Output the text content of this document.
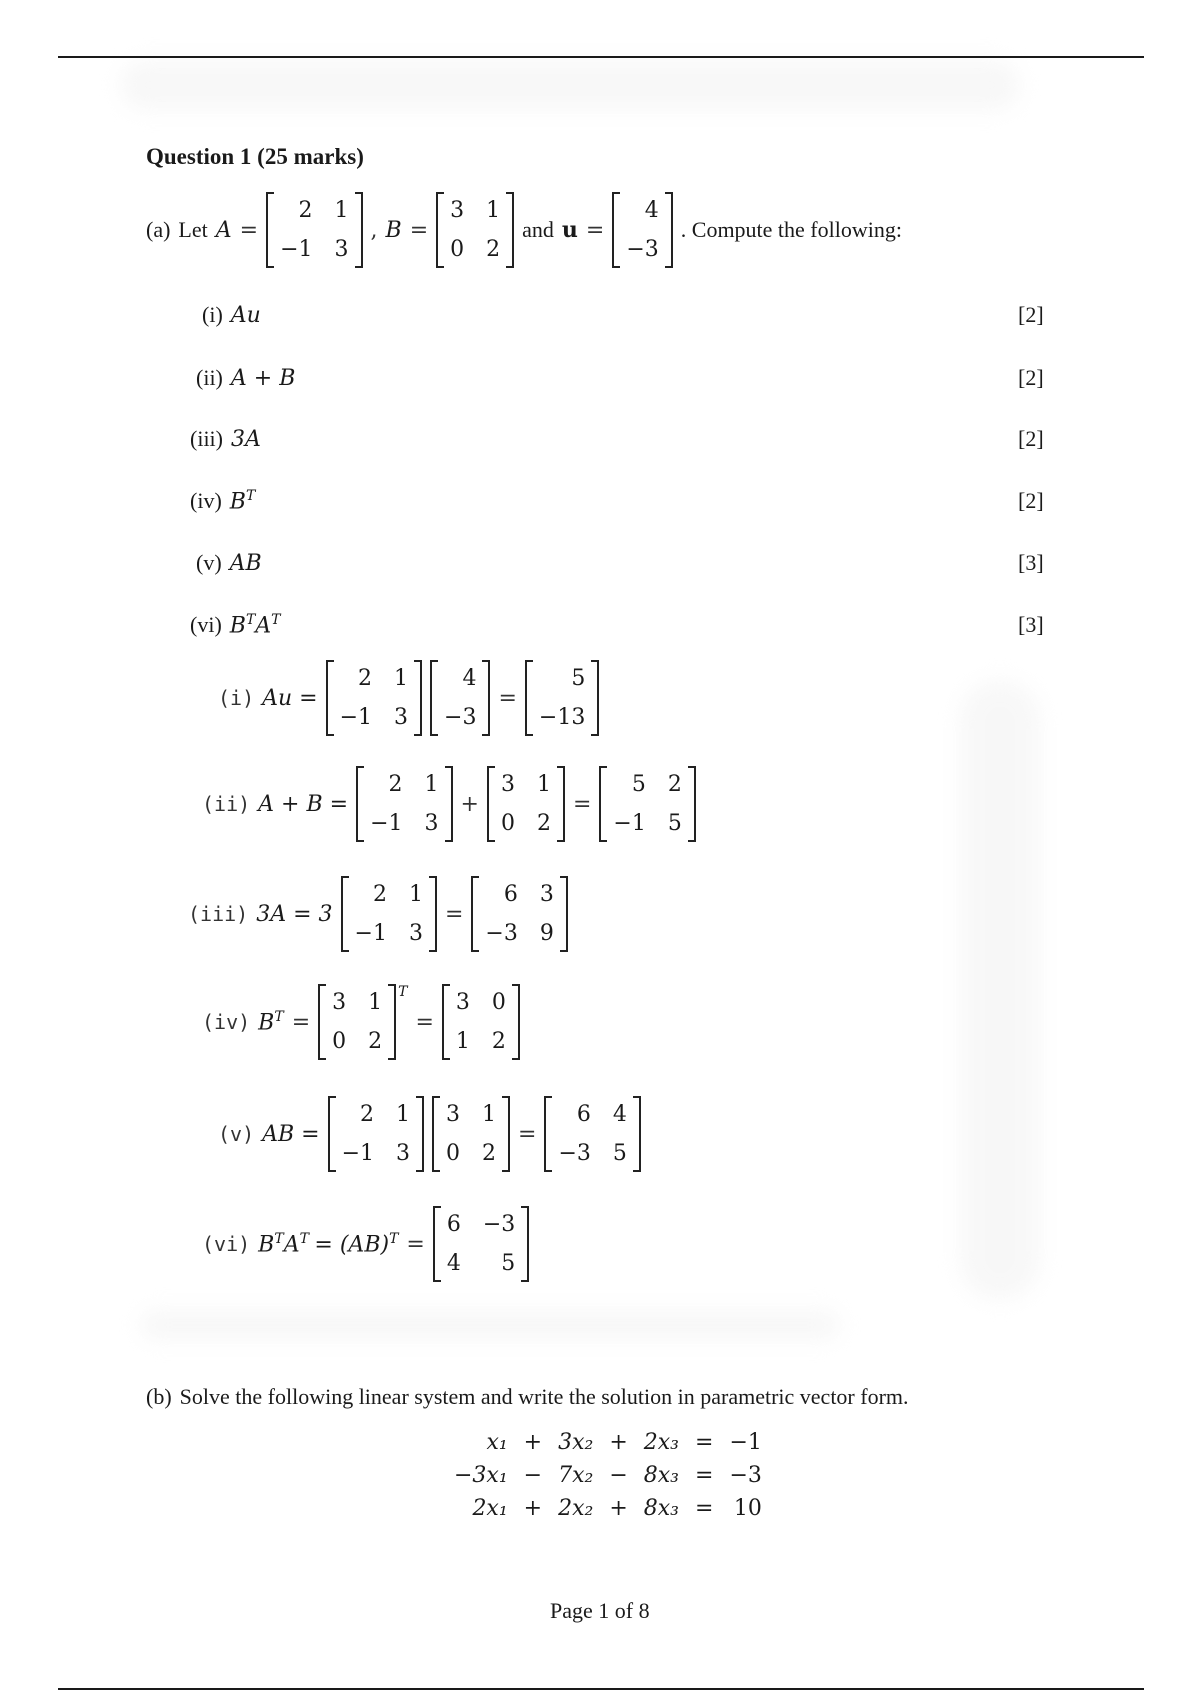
Question 1 (25 marks)
(a) Let A =
2 1
−1 3
, B =
3 1
0 2
and u =
4
−3
. Compute the following:
(i) Au	[2]
(ii) A + B	[2]
(iii) 3A	[2]
(iv) $B^T$	[2]
(v) AB	[3]
(vi) $B^TA^T$	[3]
(i) Au =
2 1
−1 3
4
−3
=
5
−13
(ii) A + B =
2 1
−1 3
+
3 1
0 2
=
5 2
−1 5
(iii) 3A = 3
2 1
−1 3
=
6 3
−3 9
(iv) $B^T$ =
3 1
0 2
T
=
3 0
1 2
(v) AB =
2 1
−1 3
3 1
0 2
=
6 4
−3 5
(vi) $B^TA^T = (AB)^T$ =
6 −3
4	5
(b) Solve the following linear system and write the solution in parametric vector form.
x₁	+	3x₂	+	2x₃	=	−1
−3x₁	−	7x₂	−	8x₃	=	−3
2x₁	+	2x₂	+	8x₃	=	10
Page 1 of 8
